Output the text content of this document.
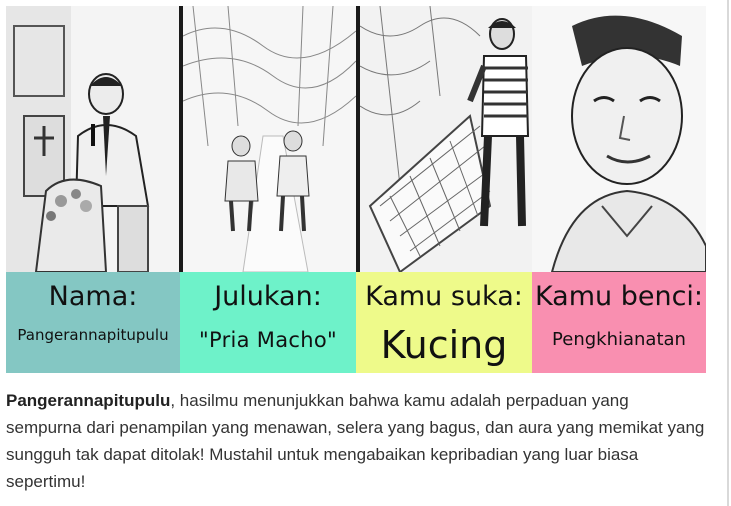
Nama:
Pangerannapitupulu
Julukan:
"Pria Macho"
Kamu suka:
Kucing
Kamu benci:
Pengkhianatan
Pangerannapitupulu, hasilmu menunjukkan bahwa kamu adalah perpaduan yang sempurna dari penampilan yang menawan, selera yang bagus, dan aura yang memikat yang sungguh tak dapat ditolak! Mustahil untuk mengabaikan kepribadian yang luar biasa sepertimu!
